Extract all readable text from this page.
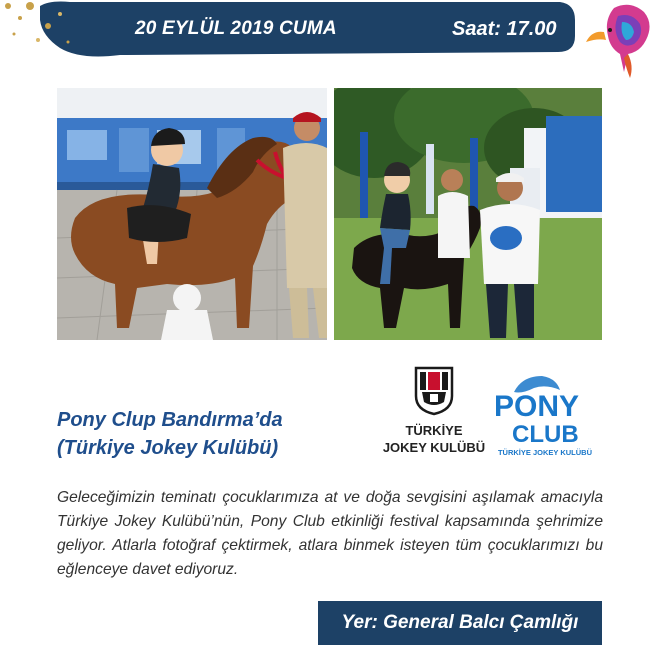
20 EYLÜL 2019 CUMA	Saat: 17.00
Pony Clup Bandırma’da
(Türkiye Jokey Kulübü)
TÜRKİYE
JOKEY KULÜBÜ
PONY
CLUB
TÜRKİYE JOKEY KULÜBÜ
Geleceğimizin teminatı çocuklarımıza at ve doğa sevgisini aşılamak amacıyla Türkiye Jokey Kulübü’nün, Pony Club etkinliği festival kapsamında şehrimize geliyor. Atlarla fotoğraf çektirmek, atlara binmek isteyen tüm çocuklarımızı bu eğlenceye davet ediyoruz.
Yer: General Balcı Çamlığı
